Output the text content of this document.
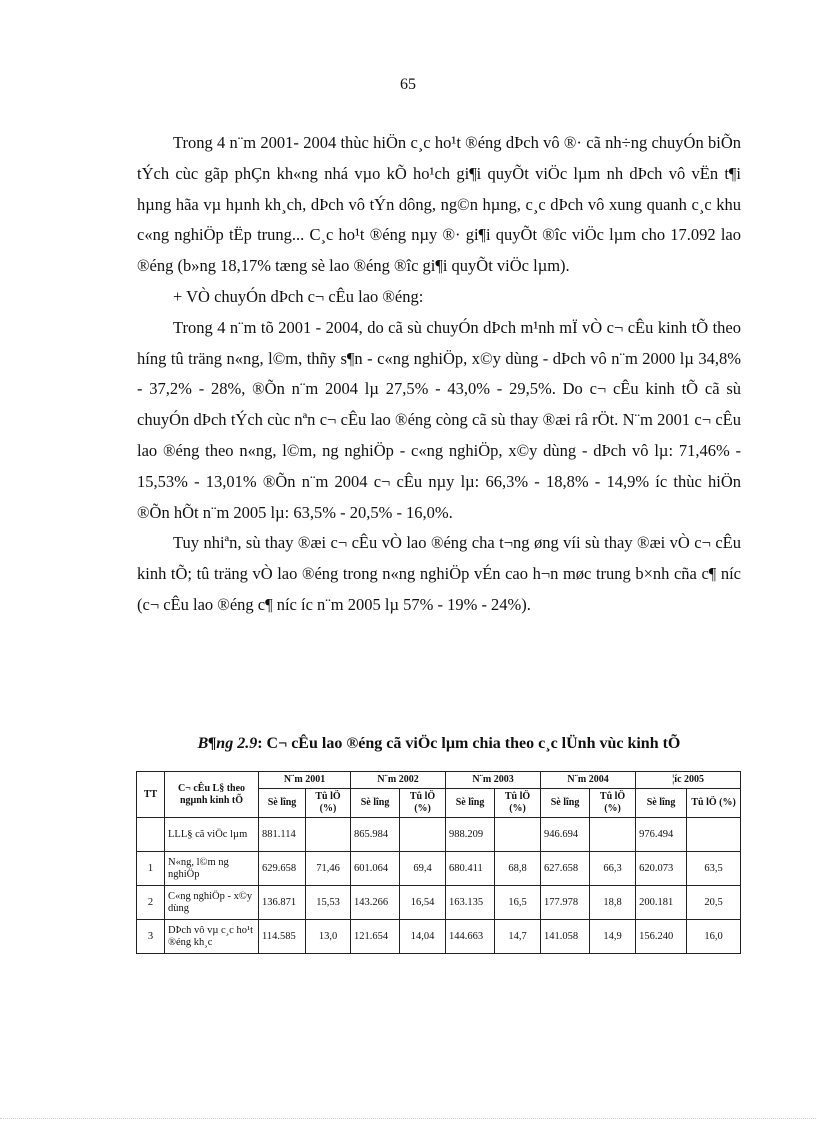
65

Trong 4 n¨m 2001- 2004 thùc hiÖn c¸c ho¹t ®éng dÞch vô ®· cã nh÷ng chuyÓn biÕn tÝch cùc gãp phÇn kh«ng nhá vµo kÕ ho¹ch gi¶i quyÕt viÖc lµm nh dÞch vô vËn t¶i hµng hãa vµ hµnh kh¸ch, dÞch vô tÝn dông, ng©n hµng, c¸c dÞch vô xung quanh c¸c khu c«ng nghiÖp tËp trung... C¸c ho¹t ®éng nµy ®· gi¶i quyÕt ®îc viÖc lµm cho 17.092 lao ®éng (b»ng 18,17% tæng sè lao ®éng ®îc gi¶i quyÕt viÖc lµm).

+ VÒ chuyÓn dÞch c¬ cÊu lao ®éng:

Trong 4 n¨m tõ 2001 - 2004, do cã sù chuyÓn dÞch m¹nh mÏ vÒ c¬ cÊu kinh tÕ theo híng tû träng n«ng, l©m, thñy s¶n - c«ng nghiÖp, x©y dùng - dÞch vô n¨m 2000 lµ 34,8% - 37,2% - 28%, ®Õn n¨m 2004 lµ 27,5% - 43,0% - 29,5%. Do c¬ cÊu kinh tÕ cã sù chuyÓn dÞch tÝch cùc nªn c¬ cÊu lao ®éng còng cã sù thay ®æi râ rÖt. N¨m 2001 c¬ cÊu lao ®éng theo n«ng, l©m, ng nghiÖp - c«ng nghiÖp, x©y dùng - dÞch vô lµ: 71,46% - 15,53% - 13,01% ®Õn n¨m 2004 c¬ cÊu nµy lµ: 66,3% - 18,8% - 14,9% íc thùc hiÖn ®Õn hÕt n¨m 2005 lµ: 63,5% - 20,5% - 16,0%.

Tuy nhiªn, sù thay ®æi c¬ cÊu vÒ lao ®éng cha t¬ng øng víi sù thay ®æi vÒ c¬ cÊu kinh tÕ; tû träng vÒ lao ®éng trong n«ng nghiÖp vÉn cao h¬n møc trung b×nh cña c¶ níc (c¬ cÊu lao ®éng c¶ níc íc n¨m 2005 lµ 57% - 19% - 24%).

B¶ng 2.9: C¬ cÊu lao ®éng cã viÖc lµm chia theo c¸c lÜnh vùc kinh tÕ
TT	C¬ cÊu L§ theo ngµnh kinh tÕ	N¨m 2001		N¨m 2002		N¨m 2003		N¨m 2004		¦íc 2005	
		Sè lîng	Tû lÖ (%)	Sè lîng	Tû lÖ (%)	Sè lîng	Tû lÖ (%)	Sè lîng	Tû lÖ (%)	Sè lîng	Tû lÖ (%)
	LLL§ cã viÖc lµm	881.114		865.984		988.209		946.694		976.494	
1	N«ng, l©m ng nghiÖp	629.658	71,46	601.064	69,4	680.411	68,8	627.658	66,3	620.073	63,5
2	C«ng nghiÖp - x©y dùng	136.871	15,53	143.266	16,54	163.135	16,5	177.978	18,8	200.181	20,5
3	DÞch vô vµ c¸c ho¹t ®éng kh¸c	114.585	13,0	121.654	14,04	144.663	14,7	141.058	14,9	156.240	16,0
